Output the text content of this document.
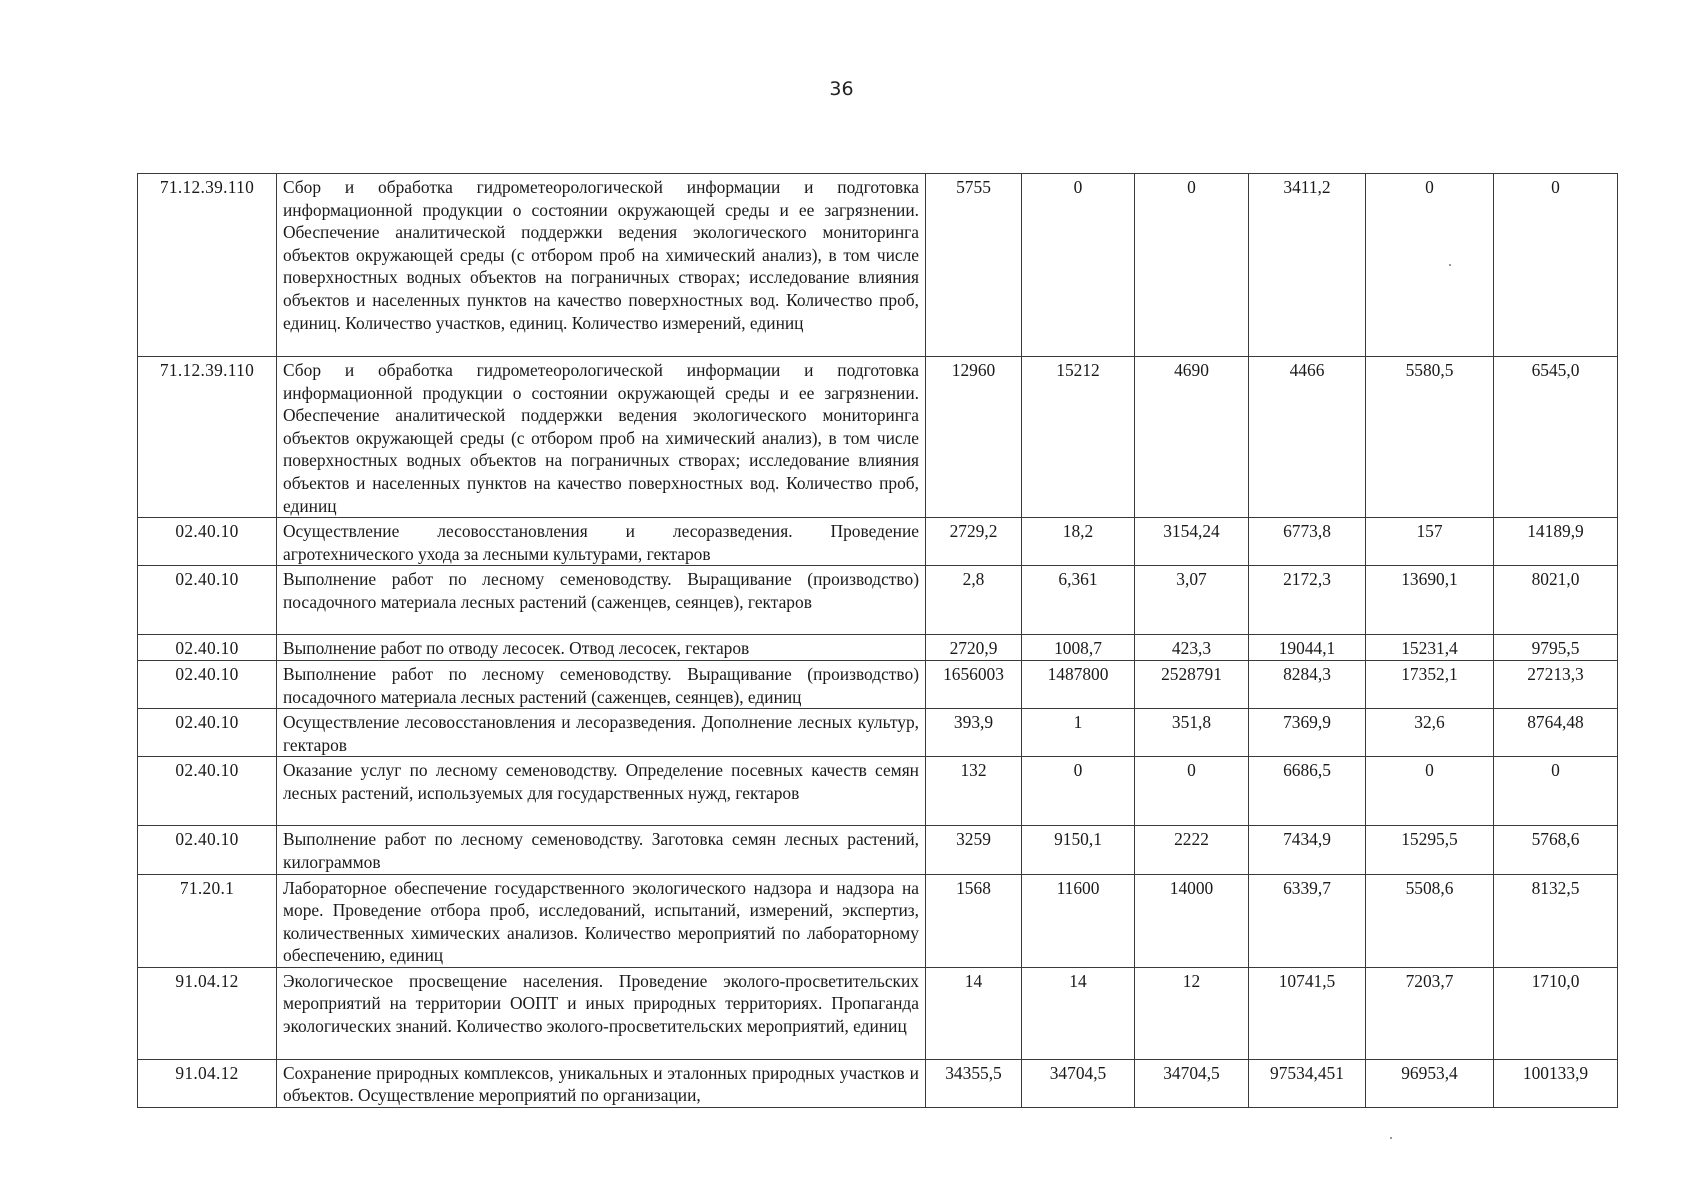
36
71.12.39.110	Сбор и обработка гидрометеорологической информации и подготовка информационной продукции о состоянии окружающей среды и ее загрязнении. Обеспечение аналитической поддержки ведения экологического мониторинга объектов окружающей среды (с отбором проб на химический анализ), в том числе поверхностных водных объектов на пограничных створах; исследование влияния объектов и населенных пунктов на качество поверхностных вод. Количество проб, единиц. Количество участков, единиц. Количество измерений, единиц	5755	0	0	3411,2	0	0
71.12.39.110	Сбор и обработка гидрометеорологической информации и подготовка информационной продукции о состоянии окружающей среды и ее загрязнении. Обеспечение аналитической поддержки ведения экологического мониторинга объектов окружающей среды (с отбором проб на химический анализ), в том числе поверхностных водных объектов на пограничных створах; исследование влияния объектов и населенных пунктов на качество поверхностных вод. Количество проб, единиц	12960	15212	4690	4466	5580,5	6545,0
02.40.10	Осуществление лесовосстановления и лесоразведения. Проведение агротехнического ухода за лесными культурами, гектаров	2729,2	18,2	3154,24	6773,8	157	14189,9
02.40.10	Выполнение работ по лесному семеноводству. Выращивание (производство) посадочного материала лесных растений (саженцев, сеянцев), гектаров	2,8	6,361	3,07	2172,3	13690,1	8021,0
02.40.10	Выполнение работ по отводу лесосек. Отвод лесосек, гектаров	2720,9	1008,7	423,3	19044,1	15231,4	9795,5
02.40.10	Выполнение работ по лесному семеноводству. Выращивание (производство) посадочного материала лесных растений (саженцев, сеянцев), единиц	1656003	1487800	2528791	8284,3	17352,1	27213,3
02.40.10	Осуществление лесовосстановления и лесоразведения. Дополнение лесных культур, гектаров	393,9	1	351,8	7369,9	32,6	8764,48
02.40.10	Оказание услуг по лесному семеноводству. Определение посевных качеств семян лесных растений, используемых для государственных нужд, гектаров	132	0	0	6686,5	0	0
02.40.10	Выполнение работ по лесному семеноводству. Заготовка семян лесных растений, килограммов	3259	9150,1	2222	7434,9	15295,5	5768,6
71.20.1	Лабораторное обеспечение государственного экологического надзора и надзора на море. Проведение отбора проб, исследований, испытаний, измерений, экспертиз, количественных химических анализов. Количество мероприятий по лабораторному обеспечению, единиц	1568	11600	14000	6339,7	5508,6	8132,5
91.04.12	Экологическое просвещение населения. Проведение эколого-просветительских мероприятий на территории ООПТ и иных природных территориях. Пропаганда экологических знаний. Количество эколого-просветительских мероприятий, единиц	14	14	12	10741,5	7203,7	1710,0
91.04.12	Сохранение природных комплексов, уникальных и эталонных природных участков и объектов. Осуществление мероприятий по организации,	34355,5	34704,5	34704,5	97534,451	96953,4	100133,9
